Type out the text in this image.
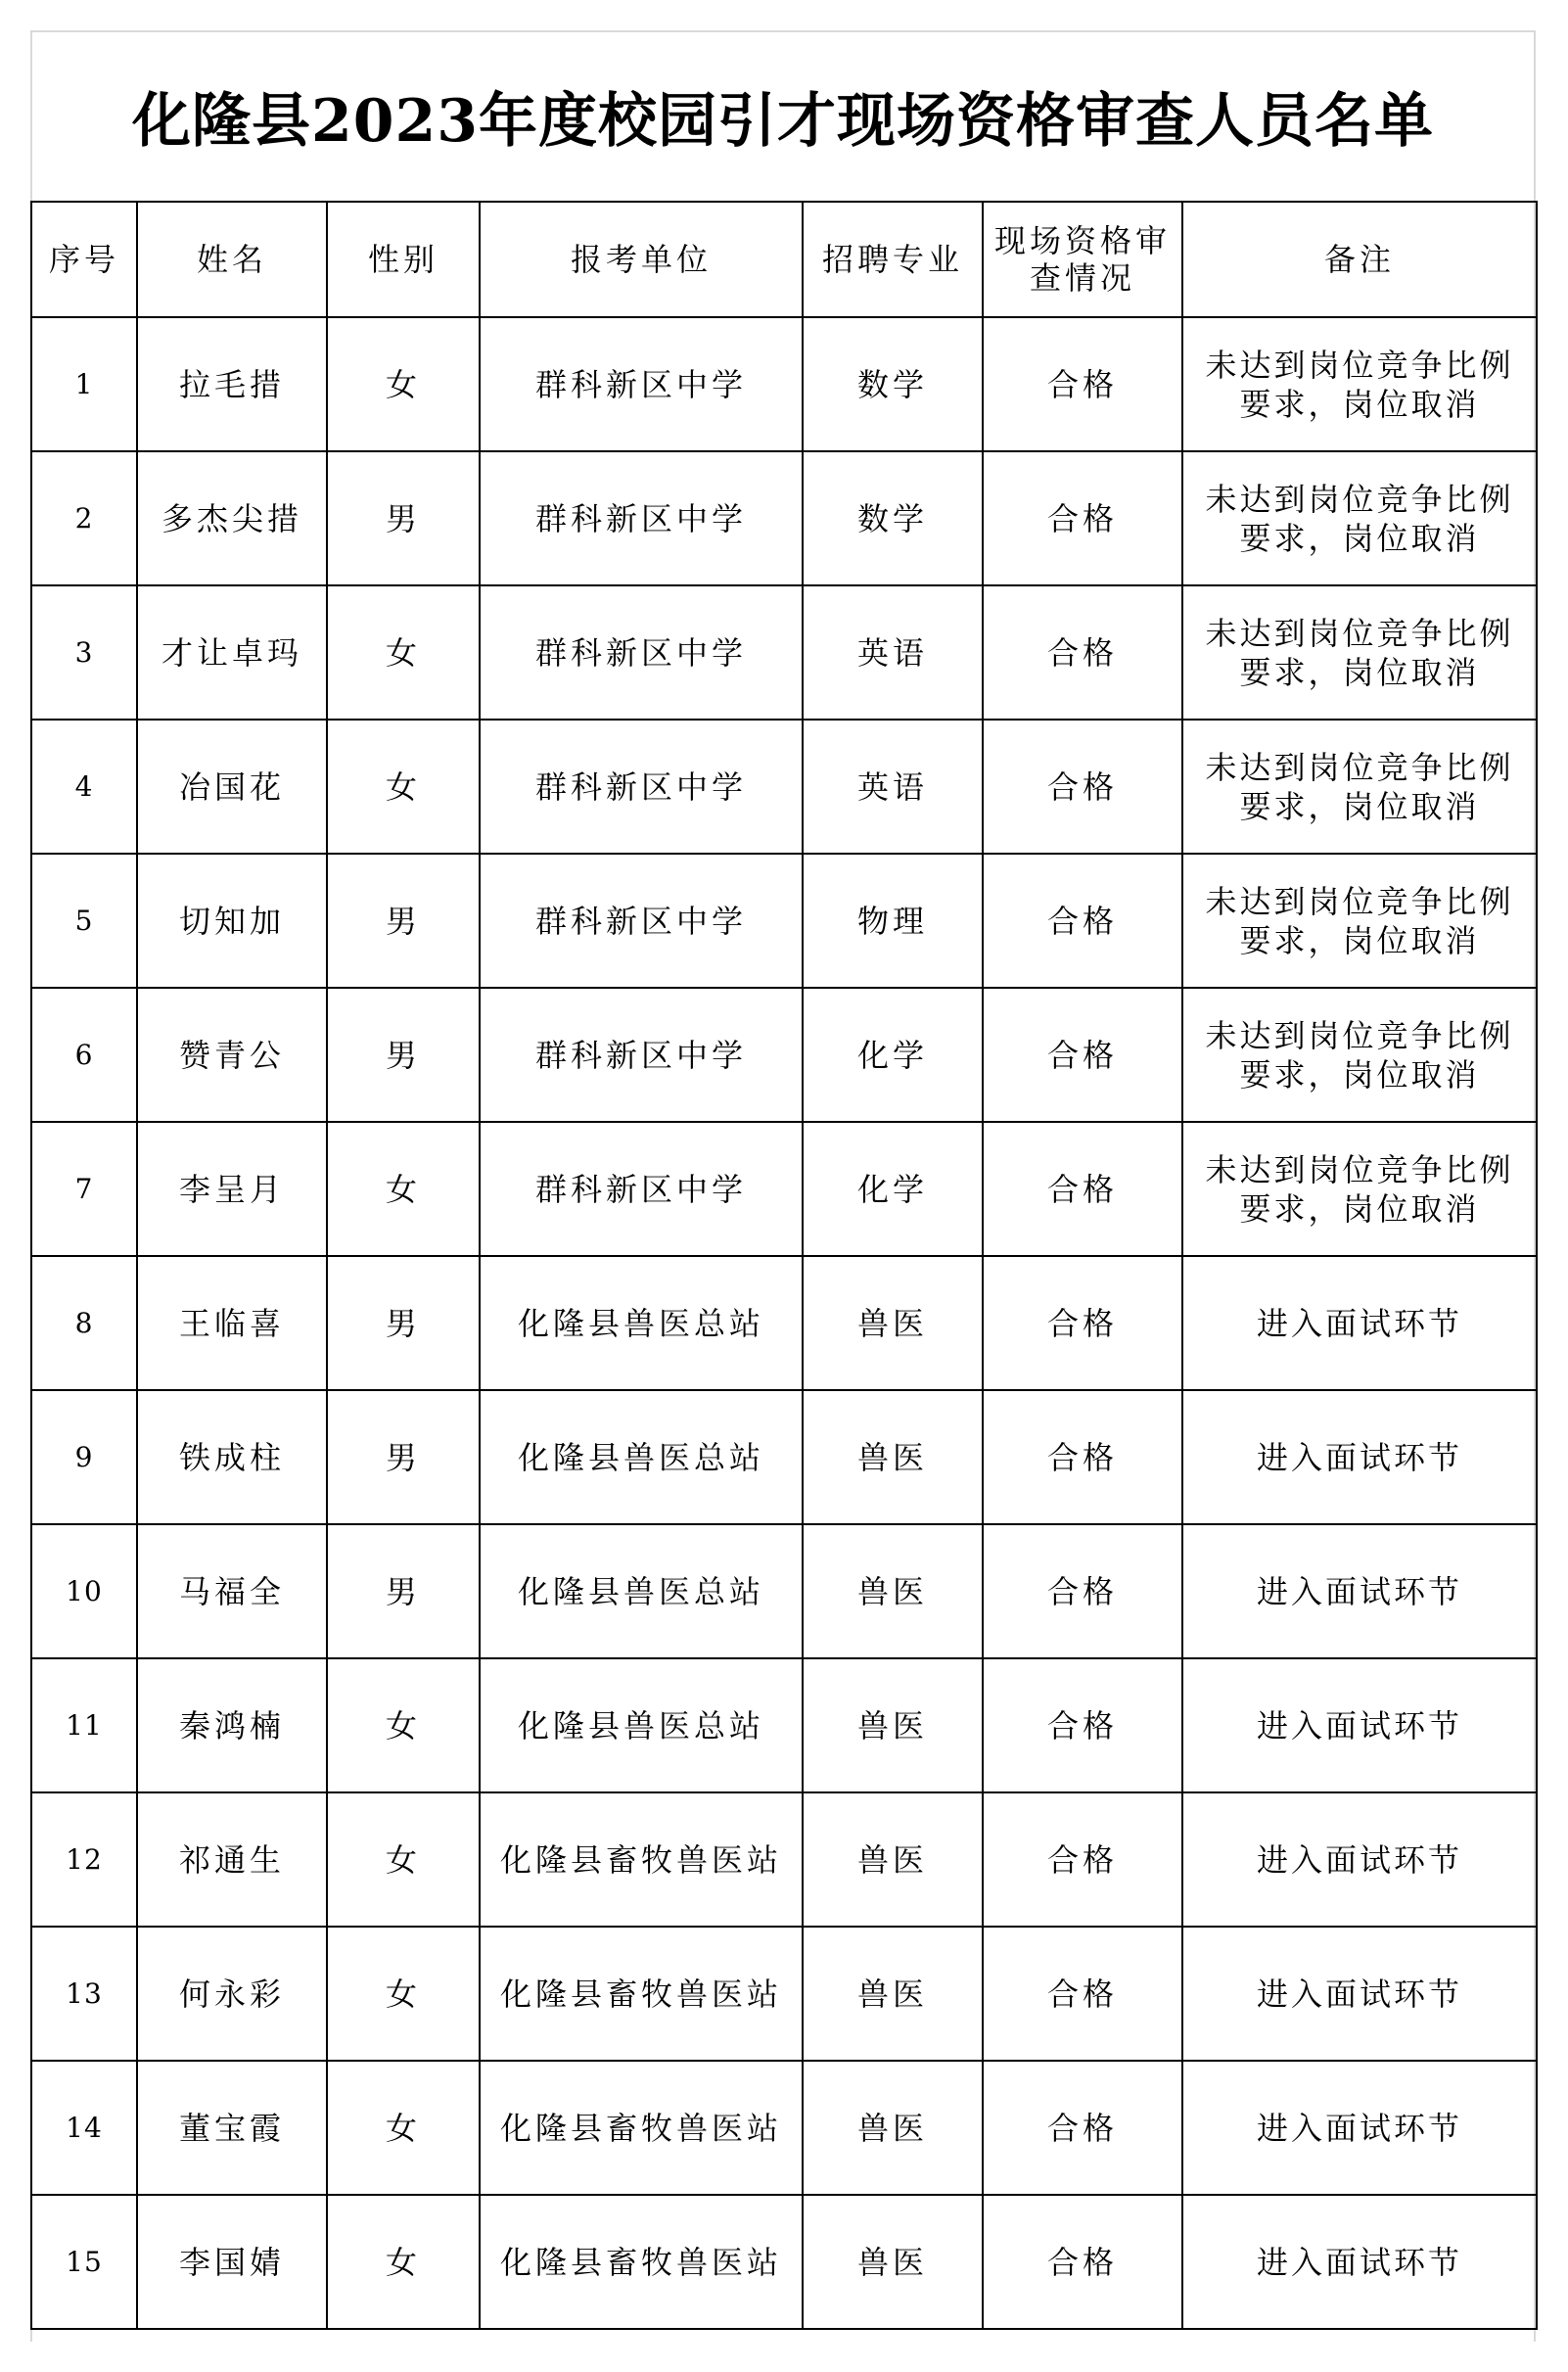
化隆县2023年度校园引才现场资格审查人员名单
序号	姓名	性别	报考单位	招聘专业	现场资格审查情况	备注
1	拉毛措	女	群科新区中学	数学	合格	未达到岗位竞争比例要求，岗位取消
2	多杰尖措	男	群科新区中学	数学	合格	未达到岗位竞争比例要求，岗位取消
3	才让卓玛	女	群科新区中学	英语	合格	未达到岗位竞争比例要求，岗位取消
4	冶国花	女	群科新区中学	英语	合格	未达到岗位竞争比例要求，岗位取消
5	切知加	男	群科新区中学	物理	合格	未达到岗位竞争比例要求，岗位取消
6	赞青公	男	群科新区中学	化学	合格	未达到岗位竞争比例要求，岗位取消
7	李呈月	女	群科新区中学	化学	合格	未达到岗位竞争比例要求，岗位取消
8	王临喜	男	化隆县兽医总站	兽医	合格	进入面试环节
9	铁成柱	男	化隆县兽医总站	兽医	合格	进入面试环节
10	马福全	男	化隆县兽医总站	兽医	合格	进入面试环节
11	秦鸿楠	女	化隆县兽医总站	兽医	合格	进入面试环节
12	祁通生	女	化隆县畜牧兽医站	兽医	合格	进入面试环节
13	何永彩	女	化隆县畜牧兽医站	兽医	合格	进入面试环节
14	董宝霞	女	化隆县畜牧兽医站	兽医	合格	进入面试环节
15	李国婧	女	化隆县畜牧兽医站	兽医	合格	进入面试环节
